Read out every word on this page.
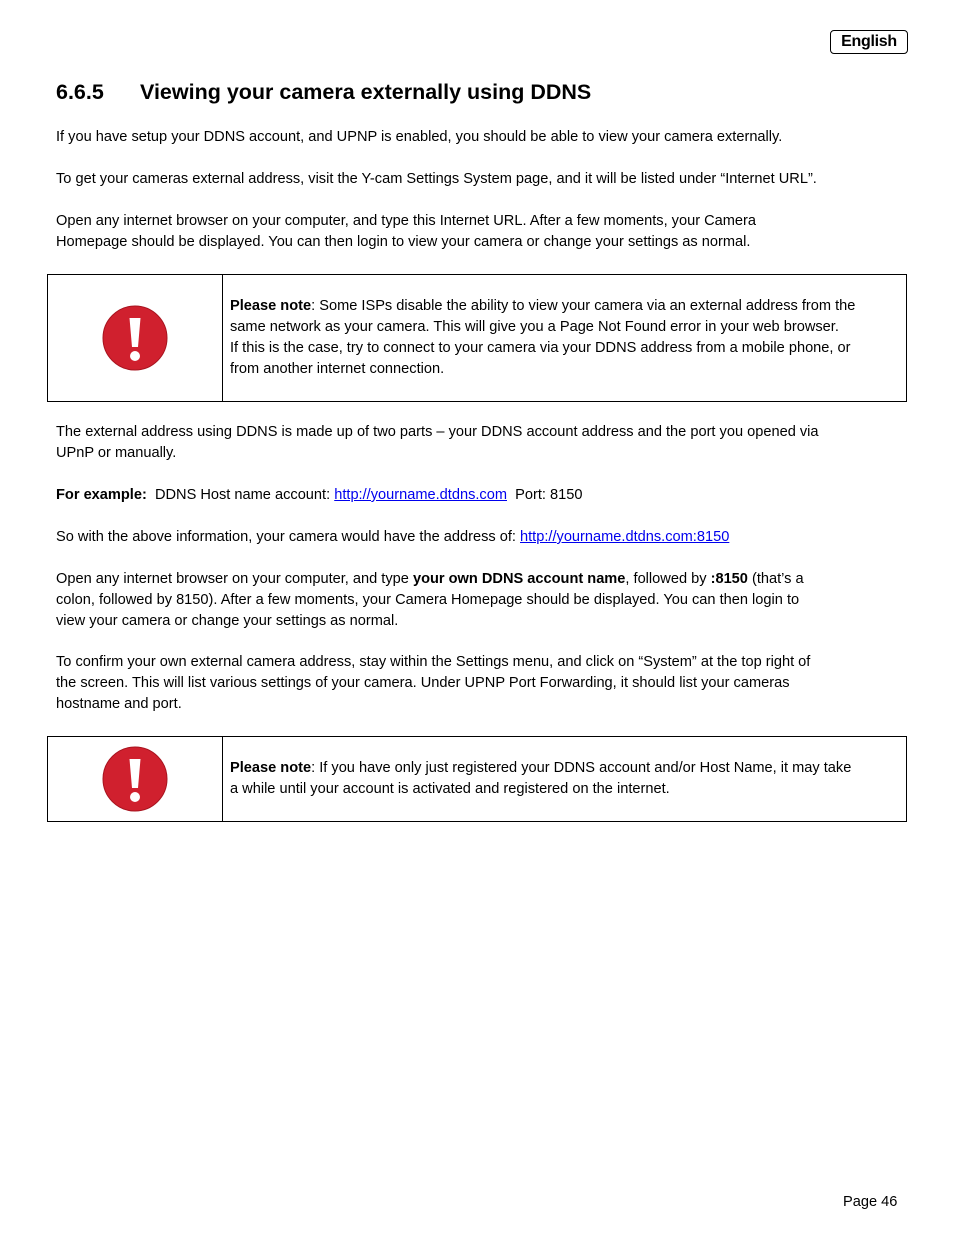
English
6.6.5	Viewing your camera externally using DDNS

If you have setup your DDNS account, and UPNP is enabled, you should be able to view your camera externally.

To get your cameras external address, visit the Y-cam Settings System page, and it will be listed under “Internet URL”.

Open any internet browser on your computer, and type this Internet URL. After a few moments, your Camera
Homepage should be displayed. You can then login to view your camera or change your settings as normal.

Please note: Some ISPs disable the ability to view your camera via an external address from the
same network as your camera. This will give you a Page Not Found error in your web browser.
If this is the case, try to connect to your camera via your DDNS address from a mobile phone, or
from another internet connection.

The external address using DDNS is made up of two parts – your DDNS account address and the port you opened via
UPnP or manually.

For example:  DDNS Host name account: http://yourname.dtdns.com  Port: 8150

So with the above information, your camera would have the address of: http://yourname.dtdns.com:8150

Open any internet browser on your computer, and type your own DDNS account name, followed by :8150 (that’s a
colon, followed by 8150). After a few moments, your Camera Homepage should be displayed. You can then login to
view your camera or change your settings as normal.

To confirm your own external camera address, stay within the Settings menu, and click on “System” at the top right of
the screen. This will list various settings of your camera. Under UPNP Port Forwarding, it should list your cameras
hostname and port.

Please note: If you have only just registered your DDNS account and/or Host Name, it may take
a while until your account is activated and registered on the internet.

Page 46
